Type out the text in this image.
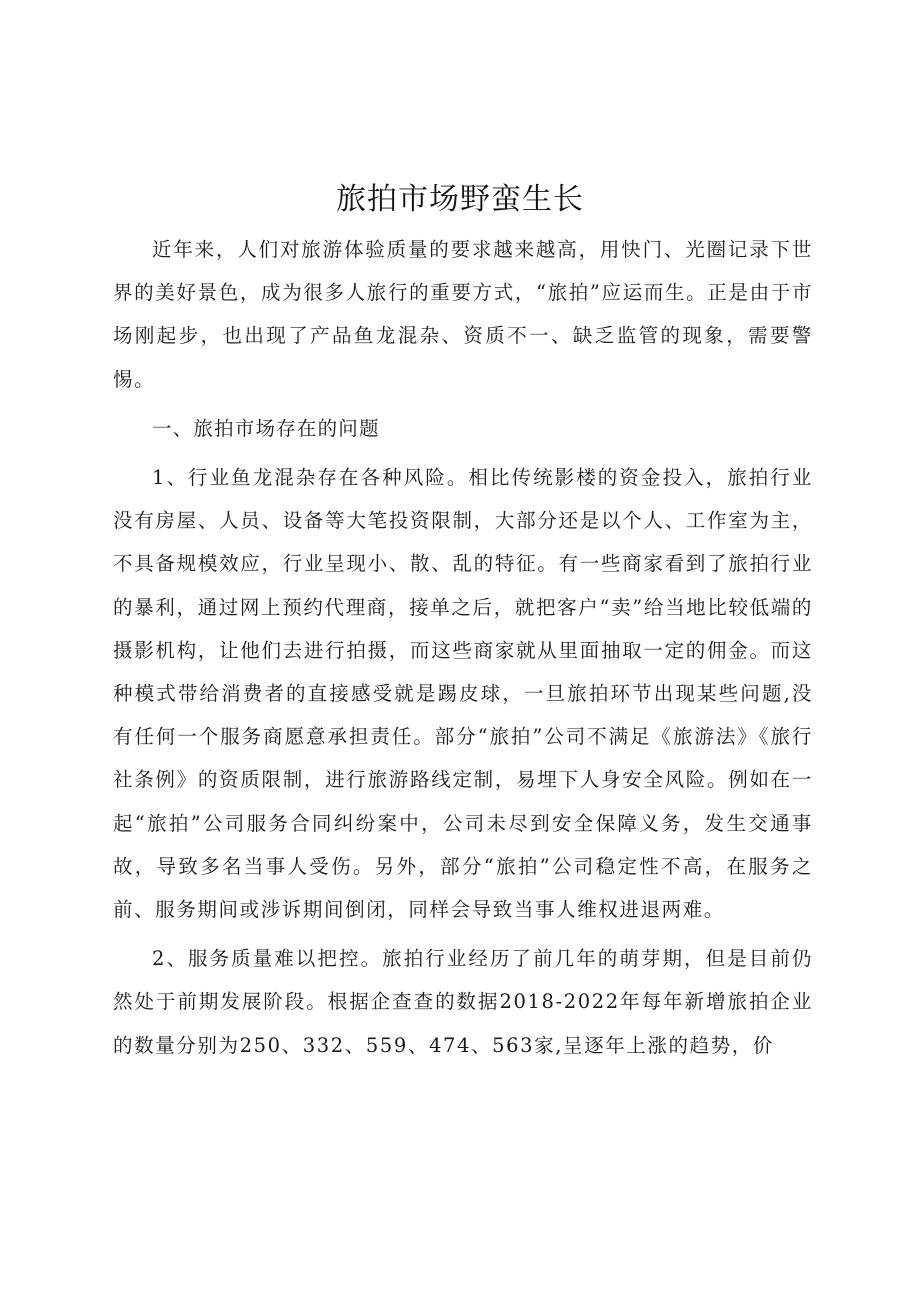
旅拍市场野蛮生长

近年来，人们对旅游体验质量的要求越来越高，用快门、光圈记录下世界的美好景色，成为很多人旅行的重要方式，“旅拍”应运而生。正是由于市场刚起步，也出现了产品鱼龙混杂、资质不一、缺乏监管的现象，需要警惕。

一、旅拍市场存在的问题

1、行业鱼龙混杂存在各种风险。相比传统影楼的资金投入，旅拍行业没有房屋、人员、设备等大笔投资限制，大部分还是以个人、工作室为主，不具备规模效应，行业呈现小、散、乱的特征。有一些商家看到了旅拍行业的暴利，通过网上预约代理商，接单之后，就把客户“卖”给当地比较低端的摄影机构，让他们去进行拍摄，而这些商家就从里面抽取一定的佣金。而这种模式带给消费者的直接感受就是踢皮球，一旦旅拍环节出现某些问题,没有任何一个服务商愿意承担责任。部分“旅拍”公司不满足《旅游法》《旅行社条例》的资质限制，进行旅游路线定制，易埋下人身安全风险。例如在一起“旅拍”公司服务合同纠纷案中，公司未尽到安全保障义务，发生交通事故，导致多名当事人受伤。另外，部分“旅拍”公司稳定性不高，在服务之前、服务期间或涉诉期间倒闭，同样会导致当事人维权进退两难。

2、服务质量难以把控。旅拍行业经历了前几年的萌芽期，但是目前仍然处于前期发展阶段。根据企查查的数据2018-2022年每年新增旅拍企业的数量分别为250、332、559、474、563家,呈逐年上涨的趋势，价
